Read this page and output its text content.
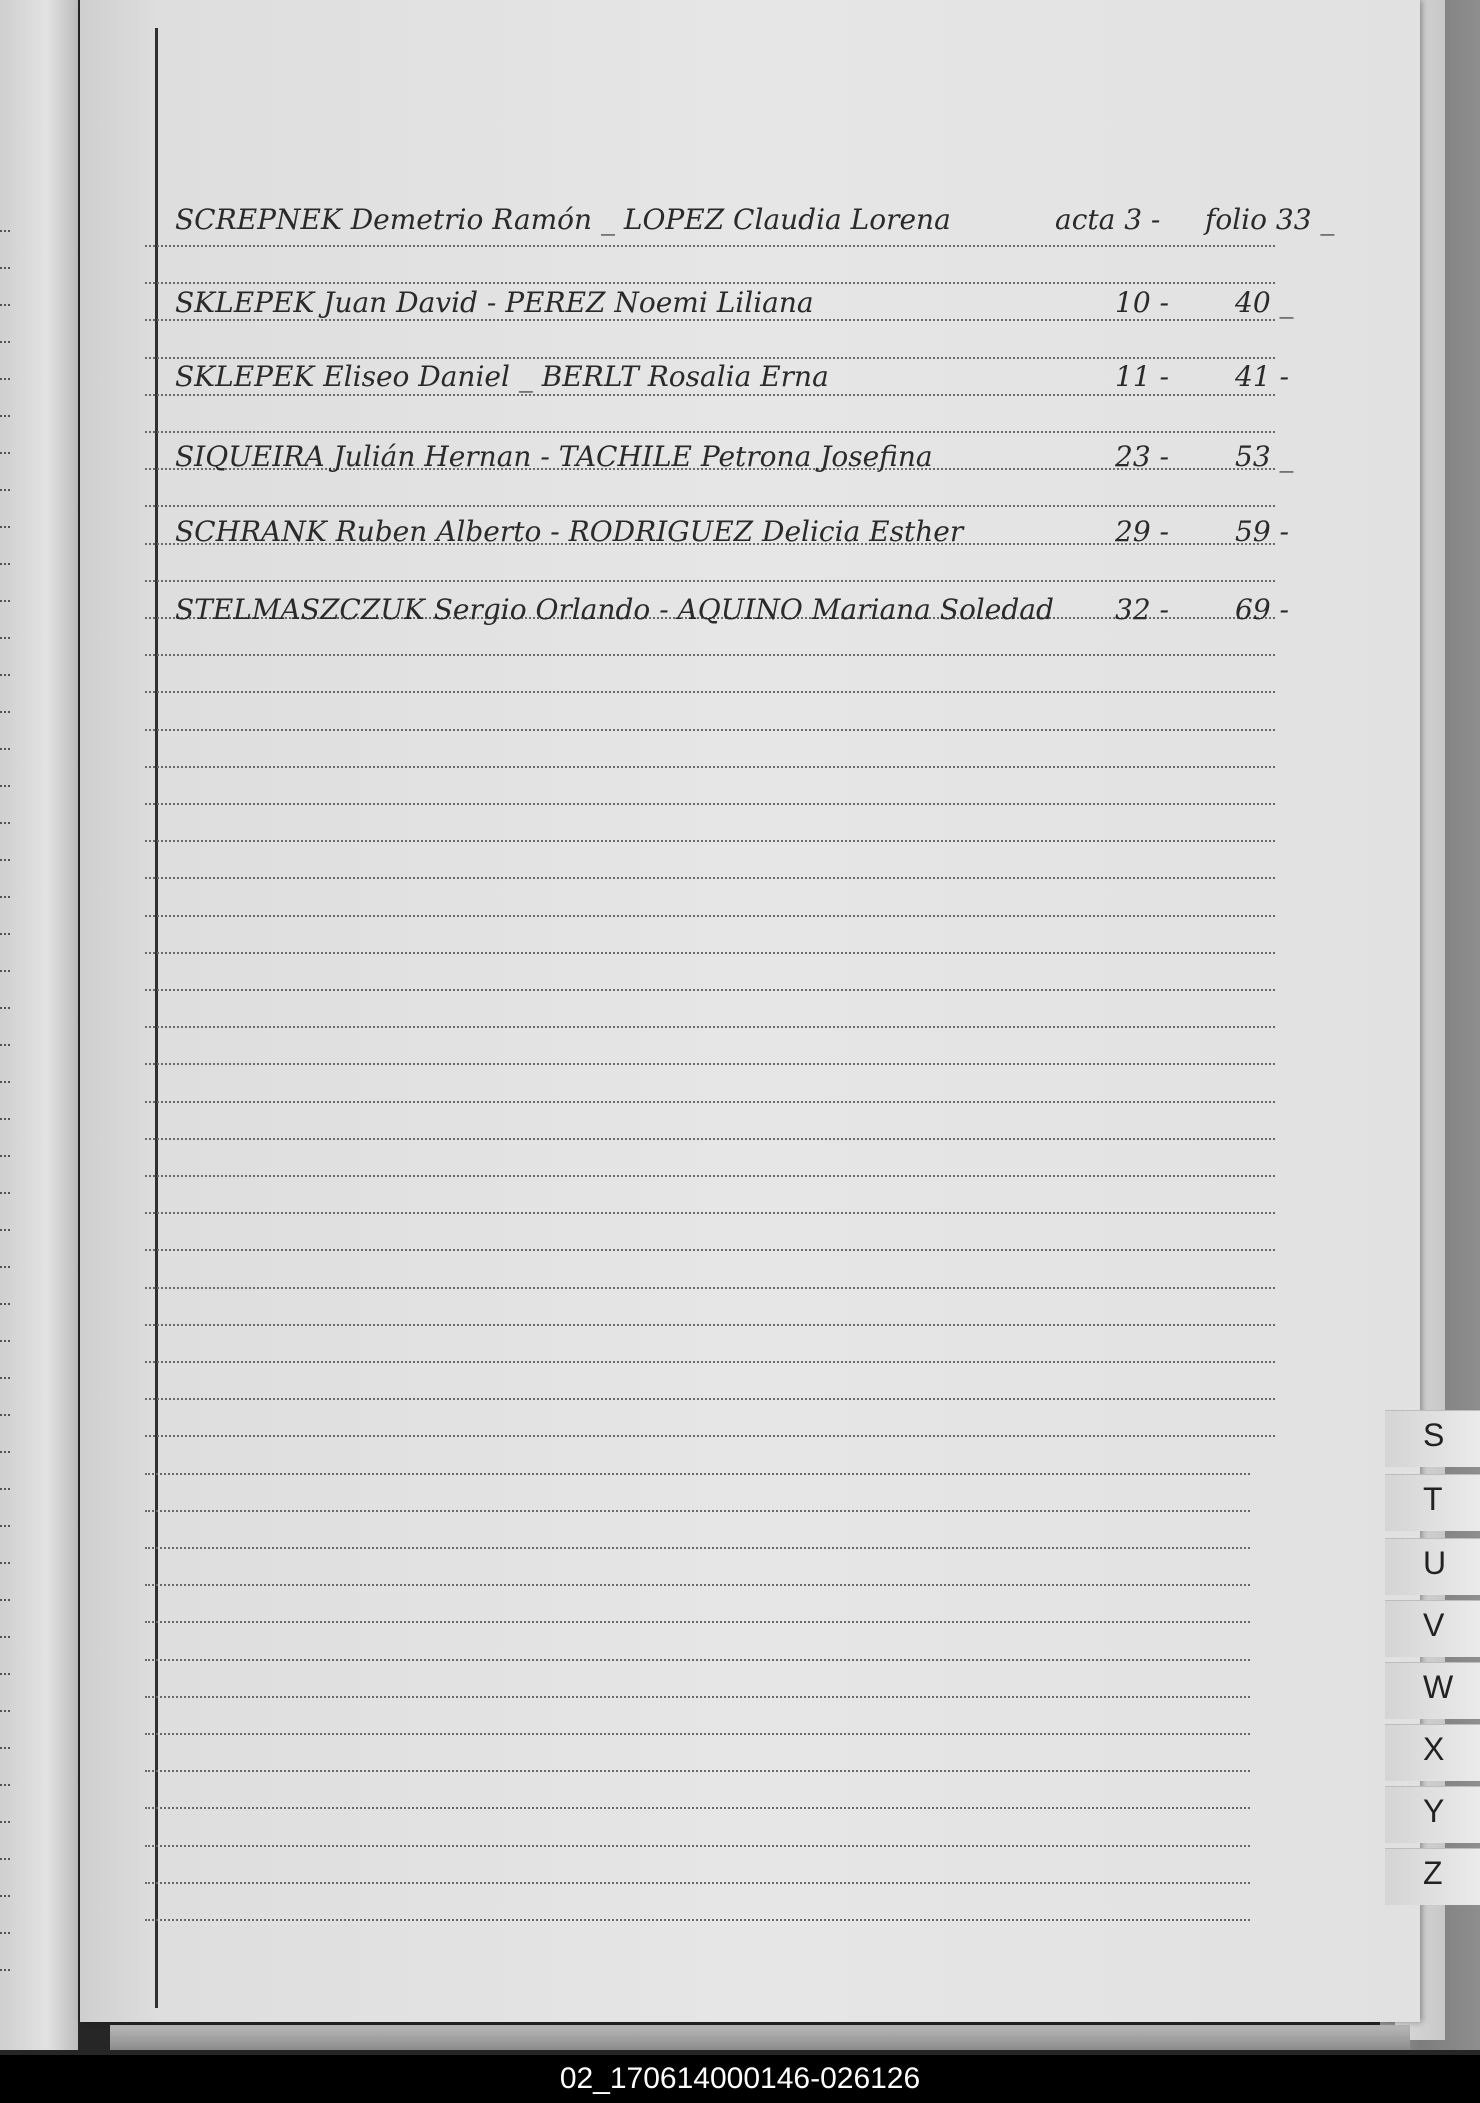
SCREPNEK Demetrio Ramón _ LOPEZ Claudia Lorena	acta 3 -	folio 33 _
SKLEPEK Juan David - PEREZ Noemi Liliana	10 -	40 _
SKLEPEK Eliseo Daniel _ BERLT Rosalia Erna	11 -	41 -
SIQUEIRA Julián Hernan - TACHILE Petrona Josefina	23 -	53 _
SCHRANK Ruben Alberto - RODRIGUEZ Delicia Esther	29 -	59 -
STELMASZCZUK Sergio Orlando - AQUINO Mariana Soledad 32 -	69 -
S
T
U
V
W
X
Y
Z
02_170614000146-026126
